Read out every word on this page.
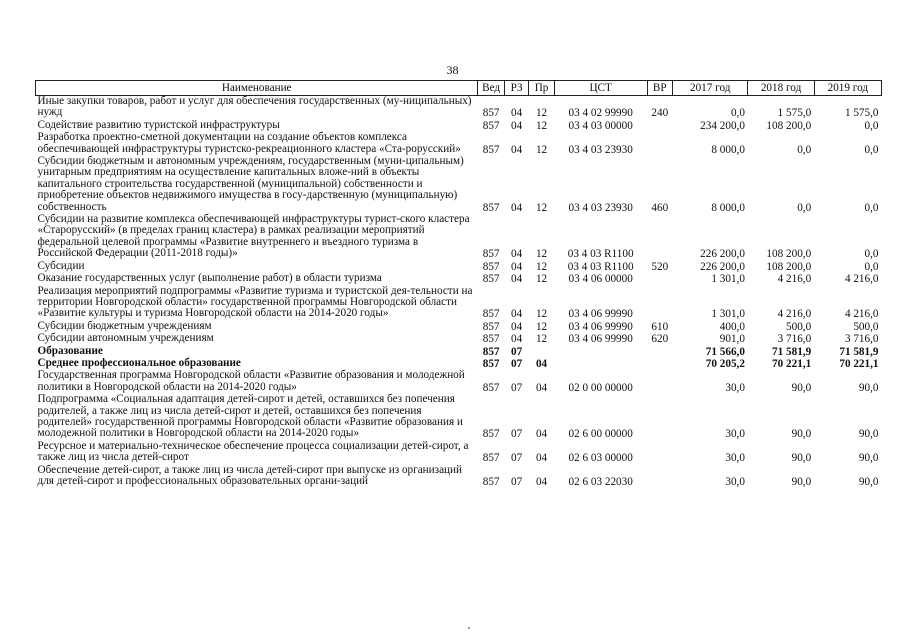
38
Наименование	Вед	РЗ	Пр	ЦСТ	ВР	2017 год	2018 год	2019 год
Иные закупки товаров, работ и услуг для обеспечения государственных (му-ниципальных) нужд	857	04	12	03 4 02 99990	240	0,0	1 575,0	1 575,0
Содействие развитию туристской инфраструктуры	857	04	12	03 4 03 00000		234 200,0	108 200,0	0,0
Разработка проектно-сметной документации на создание объектов комплекса обеспечивающей инфраструктуры туристско-рекреационного кластера «Ста-рорусский»	857	04	12	03 4 03 23930		8 000,0	0,0	0,0
Субсидии бюджетным и автономным учреждениям, государственным (муни-ципальным) унитарным предприятиям на осуществление капитальных вложе-ний в объекты капитального строительства государственной (муниципальной) собственности и приобретение объектов недвижимого имущества в госу-дарственную (муниципальную) собственность	857	04	12	03 4 03 23930	460	8 000,0	0,0	0,0
Субсидии на развитие комплекса обеспечивающей инфраструктуры турист-ского кластера «Старорусский» (в пределах границ кластера) в рамках реализации мероприятий федеральной целевой программы «Развитие внутреннего и въездного туризма в Российской Федерации (2011-2018 годы)»	857	04	12	03 4 03 R1100		226 200,0	108 200,0	0,0
Субсидии	857	04	12	03 4 03 R1100	520	226 200,0	108 200,0	0,0
Оказание государственных услуг (выполнение работ) в области туризма	857	04	12	03 4 06 00000		1 301,0	4 216,0	4 216,0
Реализация мероприятий подпрограммы «Развитие туризма и туристской дея-тельности на территории Новгородской области» государственной программы Новгородской области «Развитие культуры и туризма Новгородской области на 2014-2020 годы»	857	04	12	03 4 06 99990		1 301,0	4 216,0	4 216,0
Субсидии бюджетным учреждениям	857	04	12	03 4 06 99990	610	400,0	500,0	500,0
Субсидии автономным учреждениям	857	04	12	03 4 06 99990	620	901,0	3 716,0	3 716,0
Образование	857	07				71 566,0	71 581,9	71 581,9
Среднее профессиональное образование	857	07	04			70 205,2	70 221,1	70 221,1
Государственная программа Новгородской области «Развитие образования и молодежной политики в Новгородской области на 2014-2020 годы»	857	07	04	02 0 00 00000		30,0	90,0	90,0
Подпрограмма «Социальная адаптация детей-сирот и детей, оставшихся без попечения родителей, а также лиц из числа детей-сирот и детей, оставшихся без попечения родителей» государственной программы Новгородской области «Развитие образования и молодежной политики в Новгородской области на 2014-2020 годы»	857	07	04	02 6 00 00000		30,0	90,0	90,0
Ресурсное и материально-техническое обеспечение процесса социализации детей-сирот, а также лиц из числа детей-сирот	857	07	04	02 6 03 00000		30,0	90,0	90,0
Обеспечение детей-сирот, а также лиц из числа детей-сирот при выпуске из организаций для детей-сирот и профессиональных образовательных органи-заций	857	07	04	02 6 03 22030		30,0	90,0	90,0
